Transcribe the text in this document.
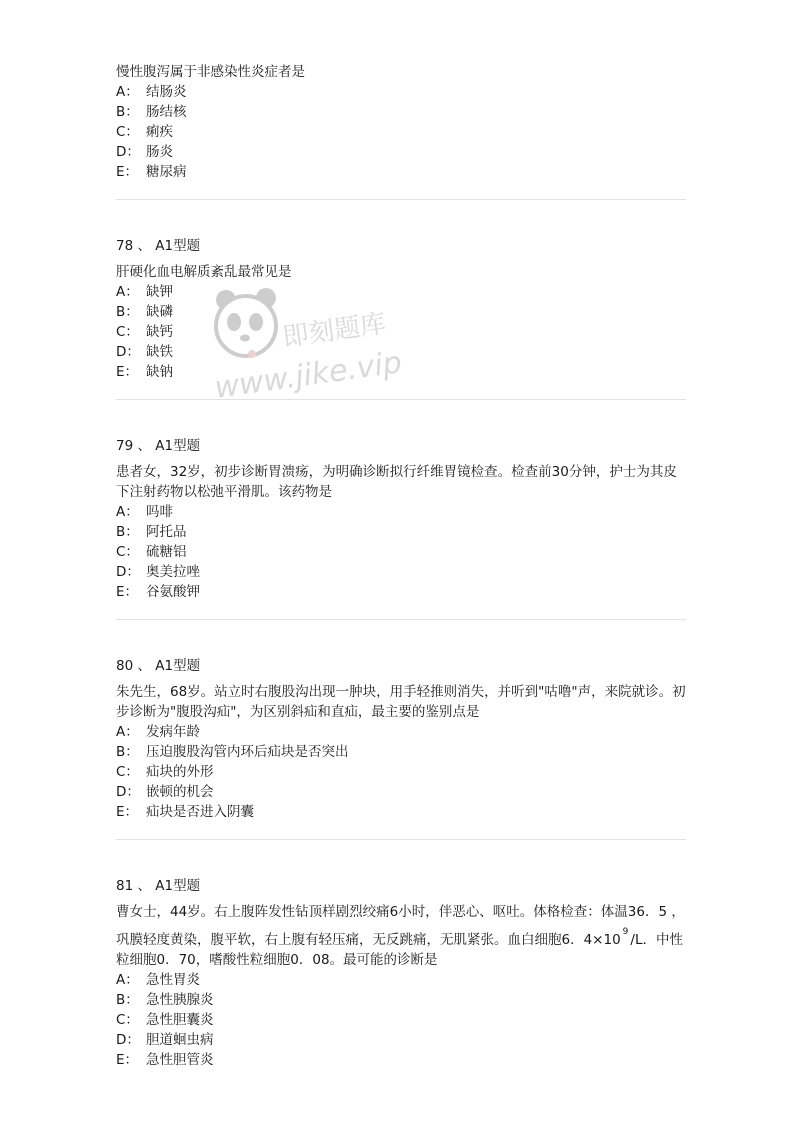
慢性腹泻属于非感染性炎症者是

A： 结肠炎

B： 肠结核

C： 痢疾

D： 肠炎

E： 糖尿病

78 、 A1型题

肝硬化血电解质紊乱最常见是

A： 缺钾

B： 缺磷

C： 缺钙

D： 缺铁

E： 缺钠

79 、 A1型题

患者女，32岁，初步诊断胃溃疡，为明确诊断拟行纤维胃镜检查。检查前30分钟，护士为其皮下注射药物以松弛平滑肌。该药物是

A： 吗啡

B： 阿托品

C： 硫糖铝

D： 奥美拉唑

E： 谷氨酸钾

80 、 A1型题

朱先生，68岁。站立时右腹股沟出现一肿块，用手轻推则消失，并听到"咕噜"声，来院就诊。初步诊断为"腹股沟疝"，为区别斜疝和直疝，最主要的鉴别点是

A： 发病年龄

B： 压迫腹股沟管内环后疝块是否突出

C： 疝块的外形

D： 嵌顿的机会

E： 疝块是否进入阴囊

81 、 A1型题

曹女士，44岁。右上腹阵发性钻顶样剧烈绞痛6小时，伴恶心、呕吐。体格检查：体温36．5 ，巩膜轻度黄染，腹平软，右上腹有轻压痛，无反跳痛，无肌紧张。血白细胞6．4×10 $^9$ /L．中性粒细胞0．70，嗜酸性粒细胞0．08。最可能的诊断是

A： 急性胃炎

B： 急性胰腺炎

C： 急性胆囊炎

D： 胆道蛔虫病

E： 急性胆管炎

即刻题库
www.jike.vip
